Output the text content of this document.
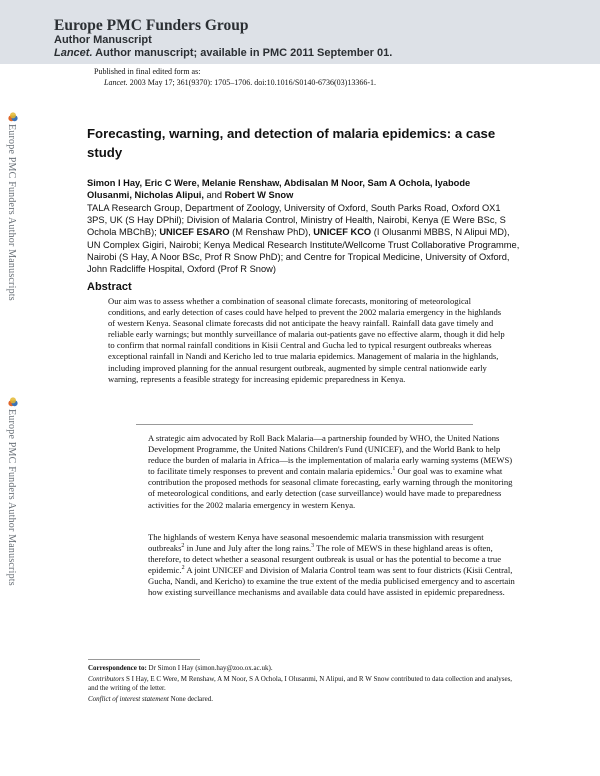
Europe PMC Funders Group
Author Manuscript
Lancet. Author manuscript; available in PMC 2011 September 01.
Published in final edited form as:
Lancet. 2003 May 17; 361(9370): 1705–1706. doi:10.1016/S0140-6736(03)13366-1.
Europe PMC Funders Author Manuscripts
Europe PMC Funders Author Manuscripts
Forecasting, warning, and detection of malaria epidemics: a case study
Simon I Hay, Eric C Were, Melanie Renshaw, Abdisalan M Noor, Sam A Ochola, Iyabode Olusanmi, Nicholas Alipui, and Robert W Snow
TALA Research Group, Department of Zoology, University of Oxford, South Parks Road, Oxford OX1 3PS, UK (S Hay DPhil); Division of Malaria Control, Ministry of Health, Nairobi, Kenya (E Were BSc, S Ochola MBChB); UNICEF ESARO (M Renshaw PhD), UNICEF KCO (I Olusanmi MBBS, N Alipui MD), UN Complex Gigiri, Nairobi; Kenya Medical Research Institute/Wellcome Trust Collaborative Programme, Nairobi (S Hay, A Noor BSc, Prof R Snow PhD); and Centre for Tropical Medicine, University of Oxford, John Radcliffe Hospital, Oxford (Prof R Snow)
Abstract
Our aim was to assess whether a combination of seasonal climate forecasts, monitoring of meteorological conditions, and early detection of cases could have helped to prevent the 2002 malaria emergency in the highlands of western Kenya. Seasonal climate forecasts did not anticipate the heavy rainfall. Rainfall data gave timely and reliable early warnings; but monthly surveillance of malaria out-patients gave no effective alarm, though it did help to confirm that normal rainfall conditions in Kisii Central and Gucha led to typical resurgent outbreaks whereas exceptional rainfall in Nandi and Kericho led to true malaria epidemics. Management of malaria in the highlands, including improved planning for the annual resurgent outbreak, augmented by simple central nationwide early warning, represents a feasible strategy for increasing epidemic preparedness in Kenya.
A strategic aim advocated by Roll Back Malaria—a partnership founded by WHO, the United Nations Development Programme, the United Nations Children's Fund (UNICEF), and the World Bank to help reduce the burden of malaria in Africa—is the implementation of malaria early warning systems (MEWS) to facilitate timely responses to prevent and contain malaria epidemics.$^1$ Our goal was to examine what contribution the proposed methods for seasonal climate forecasting, early warning through the monitoring of meteorological conditions, and early detection (case surveillance) would have made to preparedness activities for the 2002 malaria emergency in western Kenya.
The highlands of western Kenya have seasonal mesoendemic malaria transmission with resurgent outbreaks$^2$ in June and July after the long rains.$^3$ The role of MEWS in these highland areas is often, therefore, to detect whether a seasonal resurgent outbreak is usual or has the potential to become a true epidemic.$^2$ A joint UNICEF and Division of Malaria Control team was sent to four districts (Kisii Central, Gucha, Nandi, and Kericho) to examine the true extent of the media publicised emergency and to ascertain how existing surveillance mechanisms and available data could have assisted in epidemic preparedness.
Correspondence to: Dr Simon I Hay (simon.hay@zoo.ox.ac.uk).
Contributors S I Hay, E C Were, M Renshaw, A M Noor, S A Ochola, I Olusanmi, N Alipui, and R W Snow contributed to data collection and analyses, and the writing of the letter.
Conflict of interest statement None declared.
